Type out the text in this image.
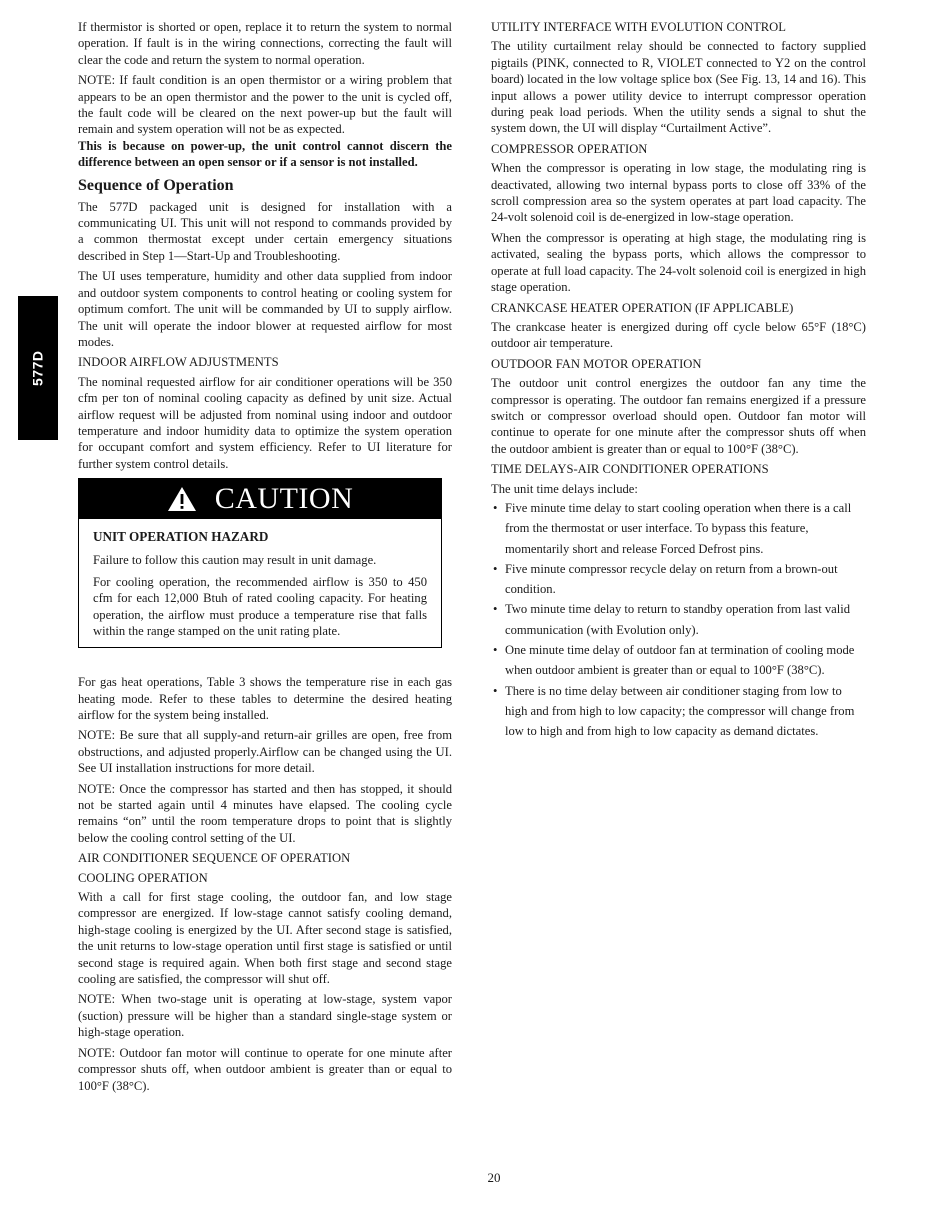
577D

If thermistor is shorted or open, replace it to return the system to normal operation. If fault is in the wiring connections, correcting the fault will clear the code and return the system to normal operation.

NOTE: If fault condition is an open thermistor or a wiring problem that appears to be an open thermistor and the power to the unit is cycled off, the fault code will be cleared on the next power-up but the fault will remain and system operation will not be as expected.

This is because on power-up, the unit control cannot discern the difference between an open sensor or if a sensor is not installed.

Sequence of Operation

The 577D packaged unit is designed for installation with a communicating UI. This unit will not respond to commands provided by a common thermostat except under certain emergency situations described in Step 1—Start-Up and Troubleshooting.

The UI uses temperature, humidity and other data supplied from indoor and outdoor system components to control heating or cooling system for optimum comfort. The unit will be commanded by UI to supply airflow. The unit will operate the indoor blower at requested airflow for most modes.

INDOOR AIRFLOW ADJUSTMENTS

The nominal requested airflow for air conditioner operations will be 350 cfm per ton of nominal cooling capacity as defined by unit size. Actual airflow request will be adjusted from nominal using indoor and outdoor temperature and indoor humidity data to optimize the system operation for occupant comfort and system efficiency. Refer to UI literature for further system control details.

CAUTION

UNIT OPERATION HAZARD

Failure to follow this caution may result in unit damage.

For cooling operation, the recommended airflow is 350 to 450 cfm for each 12,000 Btuh of rated cooling capacity. For heating operation, the airflow must produce a temperature rise that falls within the range stamped on the unit rating plate.

For gas heat operations, Table 3 shows the temperature rise in each gas heating mode. Refer to these tables to determine the desired heating airflow for the system being installed.

NOTE: Be sure that all supply-and return-air grilles are open, free from obstructions, and adjusted properly.Airflow can be changed using the UI. See UI installation instructions for more detail.

NOTE: Once the compressor has started and then has stopped, it should not be started again until 4 minutes have elapsed. The cooling cycle remains “on” until the room temperature drops to point that is slightly below the cooling control setting of the UI.

AIR CONDITIONER SEQUENCE OF OPERATION
COOLING OPERATION

With a call for first stage cooling, the outdoor fan, and low stage compressor are energized. If low-stage cannot satisfy cooling demand, high-stage cooling is energized by the UI. After second stage is satisfied, the unit returns to low-stage operation until first stage is satisfied or until second stage is required again. When both first stage and second stage cooling are satisfied, the compressor will shut off.

NOTE: When two-stage unit is operating at low-stage, system vapor (suction) pressure will be higher than a standard single-stage system or high-stage operation.

NOTE: Outdoor fan motor will continue to operate for one minute after compressor shuts off, when outdoor ambient is greater than or equal to 100°F (38°C).

UTILITY INTERFACE WITH EVOLUTION CONTROL

The utility curtailment relay should be connected to factory supplied pigtails (PINK, connected to R, VIOLET connected to Y2 on the control board) located in the low voltage splice box (See Fig. 13, 14 and 16). This input allows a power utility device to interrupt compressor operation during peak load periods. When the utility sends a signal to shut the system down, the UI will display “Curtailment Active”.

COMPRESSOR OPERATION

When the compressor is operating in low stage, the modulating ring is deactivated, allowing two internal bypass ports to close off 33% of the scroll compression area so the system operates at part load capacity. The 24-volt solenoid coil is de-energized in low-stage operation.

When the compressor is operating at high stage, the modulating ring is activated, sealing the bypass ports, which allows the compressor to operate at full load capacity. The 24-volt solenoid coil is energized in high stage operation.

CRANKCASE HEATER OPERATION (IF APPLICABLE)

The crankcase heater is energized during off cycle below 65°F (18°C) outdoor air temperature.

OUTDOOR FAN MOTOR OPERATION

The outdoor unit control energizes the outdoor fan any time the compressor is operating. The outdoor fan remains energized if a pressure switch or compressor overload should open. Outdoor fan motor will continue to operate for one minute after the compressor shuts off when the outdoor ambient is greater than or equal to 100°F (38°C).

TIME DELAYS-AIR CONDITIONER OPERATIONS

The unit time delays include:

• Five minute time delay to start cooling operation when there is a call from the thermostat or user interface. To bypass this feature, momentarily short and release Forced Defrost pins.
• Five minute compressor recycle delay on return from a brown-out condition.
• Two minute time delay to return to standby operation from last valid communication (with Evolution only).
• One minute time delay of outdoor fan at termination of cooling mode when outdoor ambient is greater than or equal to 100°F (38°C).
• There is no time delay between air conditioner staging from low to high and from high to low capacity; the compressor will change from low to high and from high to low capacity as demand dictates.
20
